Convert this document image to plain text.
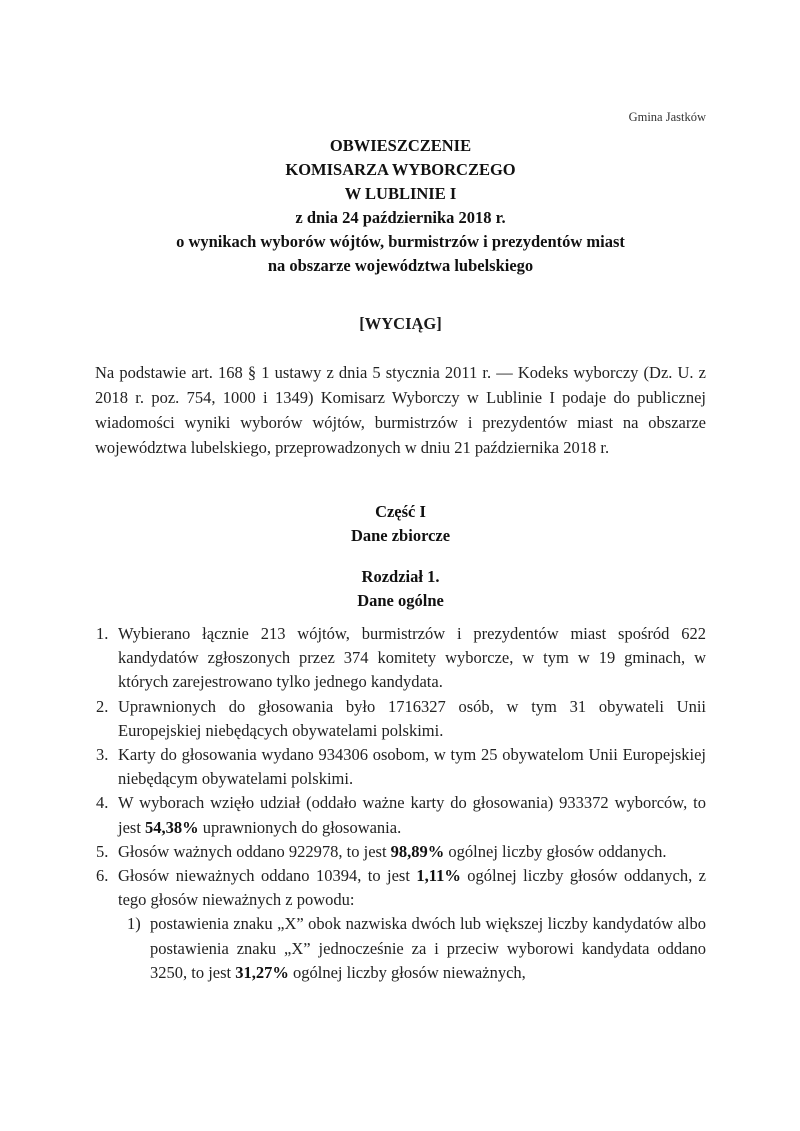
Gmina Jastków
OBWIESZCZENIE
KOMISARZA WYBORCZEGO
W LUBLINIE I
z dnia 24 października 2018 r.
o wynikach wyborów wójtów, burmistrzów i prezydentów miast
na obszarze województwa lubelskiego
[WYCIĄG]
Na podstawie art. 168 § 1 ustawy z dnia 5 stycznia 2011 r. — Kodeks wyborczy (Dz. U. z 2018 r. poz. 754, 1000 i 1349) Komisarz Wyborczy w Lublinie I podaje do publicznej wiadomości wyniki wyborów wójtów, burmistrzów i prezydentów miast na obszarze województwa lubelskiego, przeprowadzonych w dniu 21 października 2018 r.
Część I
Dane zbiorcze
Rozdział 1.
Dane ogólne
1. Wybierano łącznie 213 wójtów, burmistrzów i prezydentów miast spośród 622 kandydatów zgłoszonych przez 374 komitety wyborcze, w tym w 19 gminach, w których zarejestrowano tylko jednego kandydata.
2. Uprawnionych do głosowania było 1716327 osób, w tym 31 obywateli Unii Europejskiej niebędących obywatelami polskimi.
3. Karty do głosowania wydano 934306 osobom, w tym 25 obywatelom Unii Europejskiej niebędącym obywatelami polskimi.
4. W wyborach wzięło udział (oddało ważne karty do głosowania) 933372 wyborców, to jest 54,38% uprawnionych do głosowania.
5. Głosów ważnych oddano 922978, to jest 98,89% ogólnej liczby głosów oddanych.
6. Głosów nieważnych oddano 10394, to jest 1,11% ogólnej liczby głosów oddanych, z tego głosów nieważnych z powodu:
1) postawienia znaku „X” obok nazwiska dwóch lub większej liczby kandydatów albo postawienia znaku „X” jednocześnie za i przeciw wyborowi kandydata oddano 3250, to jest 31,27% ogólnej liczby głosów nieważnych,
